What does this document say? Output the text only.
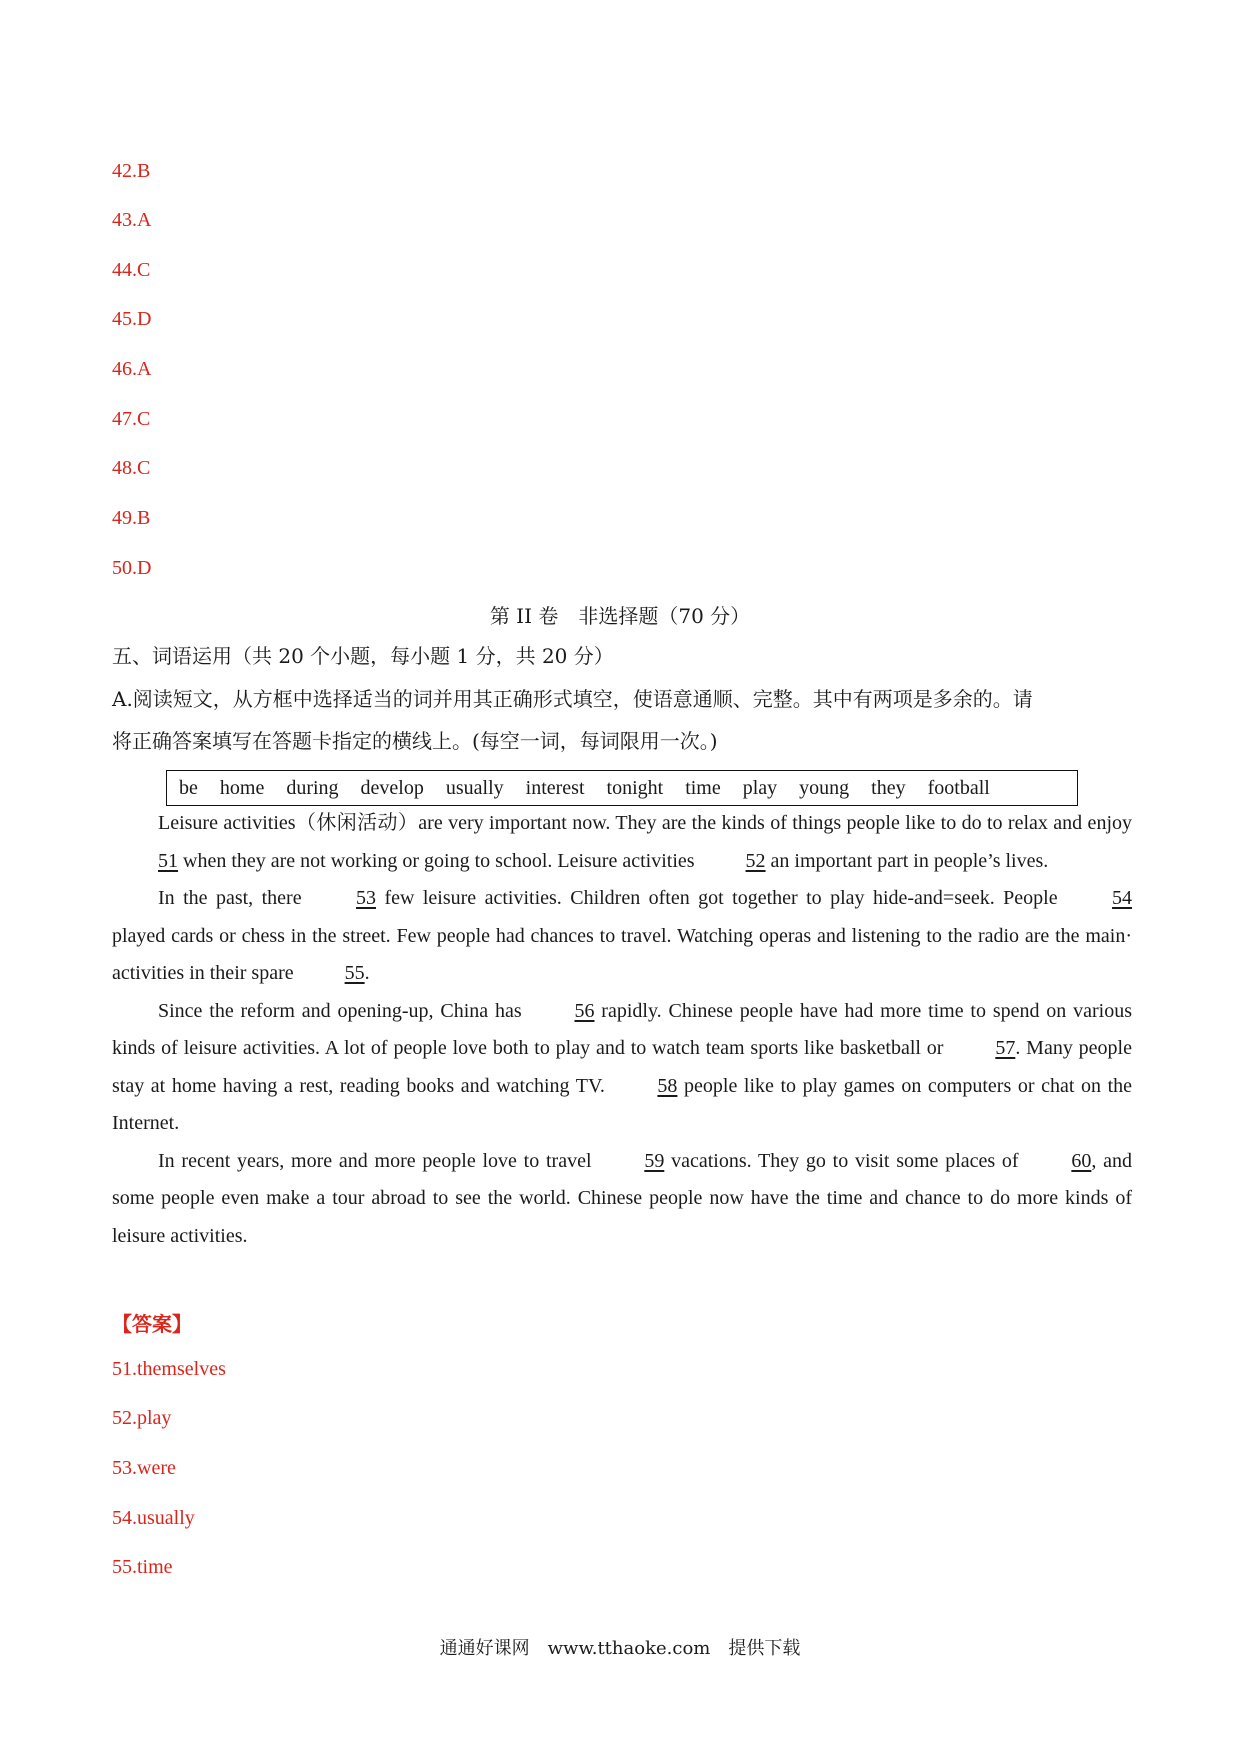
42.B
43.A
44.C
45.D
46.A
47.C
48.C
49.B
50.D
第 II 卷　非选择题（70 分）
五、词语运用（共 20 个小题，每小题 1 分，共 20 分）
A.阅读短文，从方框中选择适当的词并用其正确形式填空，使语意通顺、完整。其中有两项是多余的。请
将正确答案填写在答题卡指定的横线上。(每空一词，每词限用一次。)
be home during develop usually interest tonight time play young they football

Leisure activities（休闲活动）are very important now. They are the kinds of things people like to do to relax and enjoy 51 when they are not working or going to school. Leisure activities	52 an important part in people’s lives.

In the past, there	53 few leisure activities. Children often got together to play hide-and=seek. People	54 played cards or chess in the street. Few people had chances to travel. Watching operas and listening to the radio are the main· activities in their spare	55.

Since the reform and opening-up, China has	56 rapidly. Chinese people have had more time to spend on various kinds of leisure activities. A lot of people love both to play and to watch team sports like basketball or	57. Many people stay at home having a rest, reading books and watching TV.	58 people like to play games on computers or chat on the Internet.

In recent years, more and more people love to travel	59 vacations. They go to visit some places of	60, and some people even make a tour abroad to see the world. Chinese people now have the time and chance to do more kinds of leisure activities.

【答案】
51.themselves
52.play
53.were
54.usually
55.time
通通好课网　www.tthaoke.com　提供下载
